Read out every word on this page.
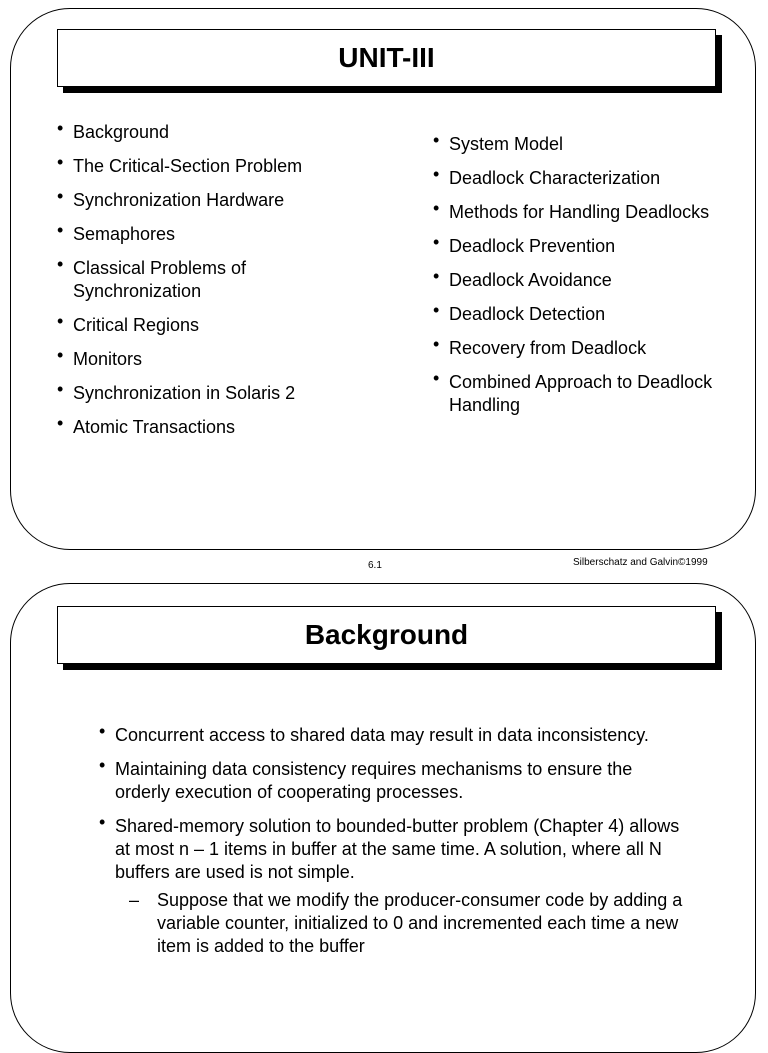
UNIT-III
• Background
• The Critical-Section Problem
• Synchronization Hardware
• Semaphores
• Classical Problems of Synchronization
• Critical Regions
• Monitors
• Synchronization in Solaris 2
• Atomic Transactions
• System Model
• Deadlock Characterization
• Methods for Handling Deadlocks
• Deadlock Prevention
• Deadlock Avoidance
• Deadlock Detection
• Recovery from Deadlock
• Combined Approach to Deadlock Handling
6.1	Silberschatz and Galvin©1999
Background
• Concurrent access to shared data may result in data inconsistency.
• Maintaining data consistency requires mechanisms to ensure the orderly execution of cooperating processes.
• Shared-memory solution to bounded-butter problem (Chapter 4) allows at most n – 1 items in buffer at the same time. A solution, where all N buffers are used is not simple.
– Suppose that we modify the producer-consumer code by adding a variable counter, initialized to 0 and incremented each time a new item is added to the buffer
